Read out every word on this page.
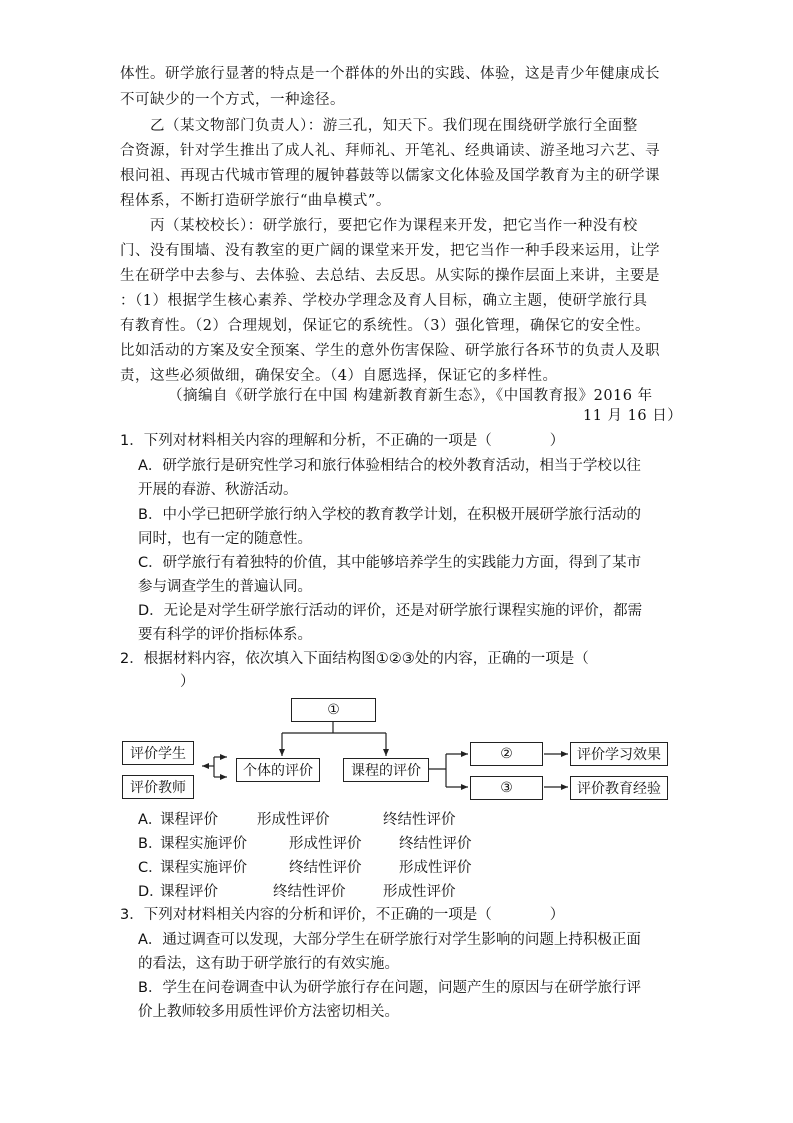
体性。研学旅行显著的特点是一个群体的外出的实践、体验，这是青少年健康成长
不可缺少的一个方式，一种途径。
乙（某文物部门负责人）：游三孔，知天下。我们现在围绕研学旅行全面整
合资源，针对学生推出了成人礼、拜师礼、开笔礼、经典诵读、游圣地习六艺、寻
根问祖、再现古代城市管理的履钟暮鼓等以儒家文化体验及国学教育为主的研学课
程体系，不断打造研学旅行“曲阜模式”。
丙（某校校长）：研学旅行，要把它作为课程来开发，把它当作一种没有校
门、没有围墙、没有教室的更广阔的课堂来开发，把它当作一种手段来运用，让学
生在研学中去参与、去体验、去总结、去反思。从实际的操作层面上来讲，主要是
：（1）根据学生核心素养、学校办学理念及育人目标，确立主题，使研学旅行具
有教育性。（2）合理规划，保证它的系统性。（3）强化管理，确保它的安全性。
比如活动的方案及安全预案、学生的意外伤害保险、研学旅行各环节的负责人及职
责，这些必须做细，确保安全。（4）自愿选择，保证它的多样性。
（摘编自《研学旅行在中国 构建新教育新生态》，《中国教育报》2016 年
11 月 16 日）
1．下列对材料相关内容的理解和分析，不正确的一项是（　　　　）
A．研学旅行是研究性学习和旅行体验相结合的校外教育活动，相当于学校以往
开展的春游、秋游活动。
B．中小学已把研学旅行纳入学校的教育教学计划，在积极开展研学旅行活动的
同时，也有一定的随意性。
C．研学旅行有着独特的价值，其中能够培养学生的实践能力方面，得到了某市
参与调查学生的普遍认同。
D．无论是对学生研学旅行活动的评价，还是对研学旅行课程实施的评价，都需
要有科学的评价指标体系。
2．根据材料内容，依次填入下面结构图①②③处的内容，正确的一项是（
）
①
评价学生
评价教师
个体的评价	课程的评价
②
③
评价学习效果
评价教育经验
A．
课程评价	形成性评价	终结性评价
B．
课程实施评价	形成性评价	终结性评价
C．
课程实施评价	终结性评价	形成性评价
D．
课程评价	终结性评价	形成性评价
3．下列对材料相关内容的分析和评价，不正确的一项是（　　　　）
A．通过调查可以发现，大部分学生在研学旅行对学生影响的问题上持积极正面
的看法，这有助于研学旅行的有效实施。
B．学生在问卷调查中认为研学旅行存在问题，问题产生的原因与在研学旅行评
价上教师较多用质性评价方法密切相关。
